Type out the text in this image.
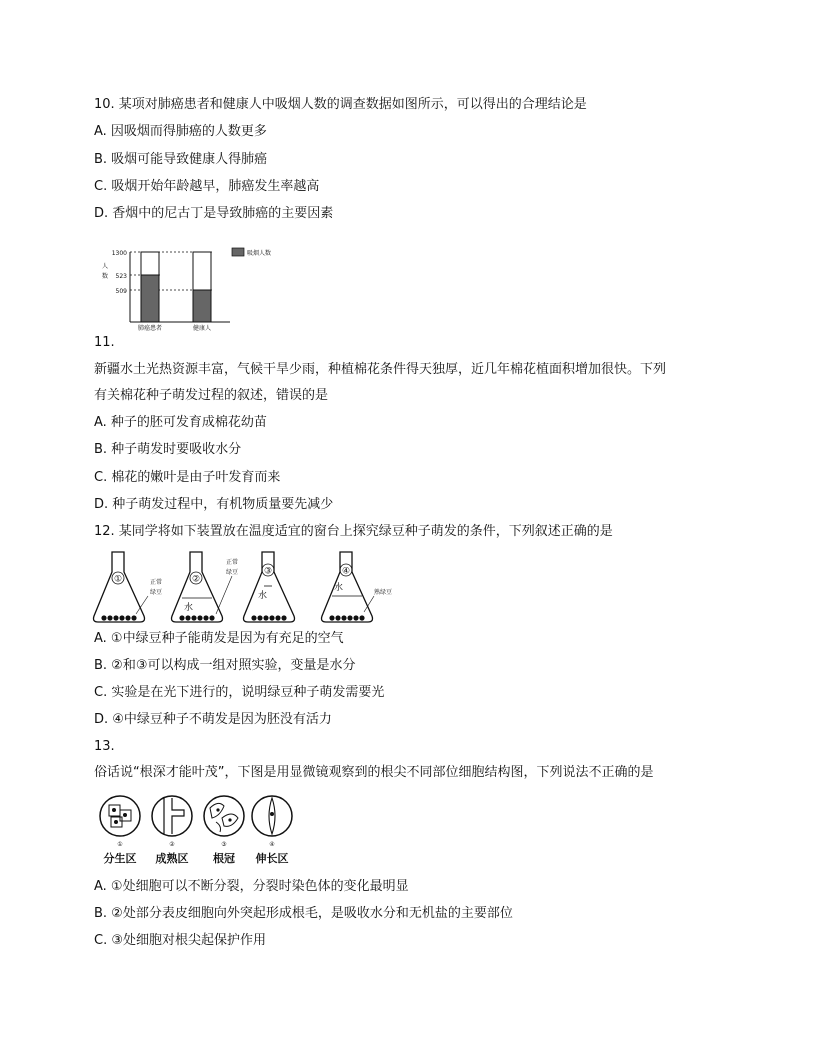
10. 某项对肺癌患者和健康人中吸烟人数的调查数据如图所示，可以得出的合理结论是
A. 因吸烟而得肺癌的人数更多
B. 吸烟可能导致健康人得肺癌
C. 吸烟开始年龄越早，肺癌发生率越高
D. 香烟中的尼古丁是导致肺癌的主要因素
1300
523
509
人
数
吸烟人数
肺癌患者	健康人
11.
新疆水土光热资源丰富，气候干旱少雨，种植棉花条件得天独厚，近几年棉花植面积增加很快。下列
有关棉花种子萌发过程的叙述，错误的是
A. 种子的胚可发育成棉花幼苗
B. 种子萌发时要吸收水分
C. 棉花的嫩叶是由子叶发育而来
D. 种子萌发过程中，有机物质量要先减少
12. 某同学将如下装置放在温度适宜的窗台上探究绿豆种子萌发的条件，下列叙述正确的是
①	正常
绿豆
②
水
正常
绿豆	③
水
④
水	熟绿豆
A. ①中绿豆种子能萌发是因为有充足的空气
B. ②和③可以构成一组对照实验，变量是水分
C. 实验是在光下进行的，说明绿豆种子萌发需要光
D. ④中绿豆种子不萌发是因为胚没有活力
13.
俗话说“根深才能叶茂”，下图是用显微镜观察到的根尖不同部位细胞结构图，下列说法不正确的是
①
分生区
②
成熟区
③
根冠
④
伸长区
A. ①处细胞可以不断分裂，分裂时染色体的变化最明显
B. ②处部分表皮细胞向外突起形成根毛，是吸收水分和无机盐的主要部位
C. ③处细胞对根尖起保护作用
